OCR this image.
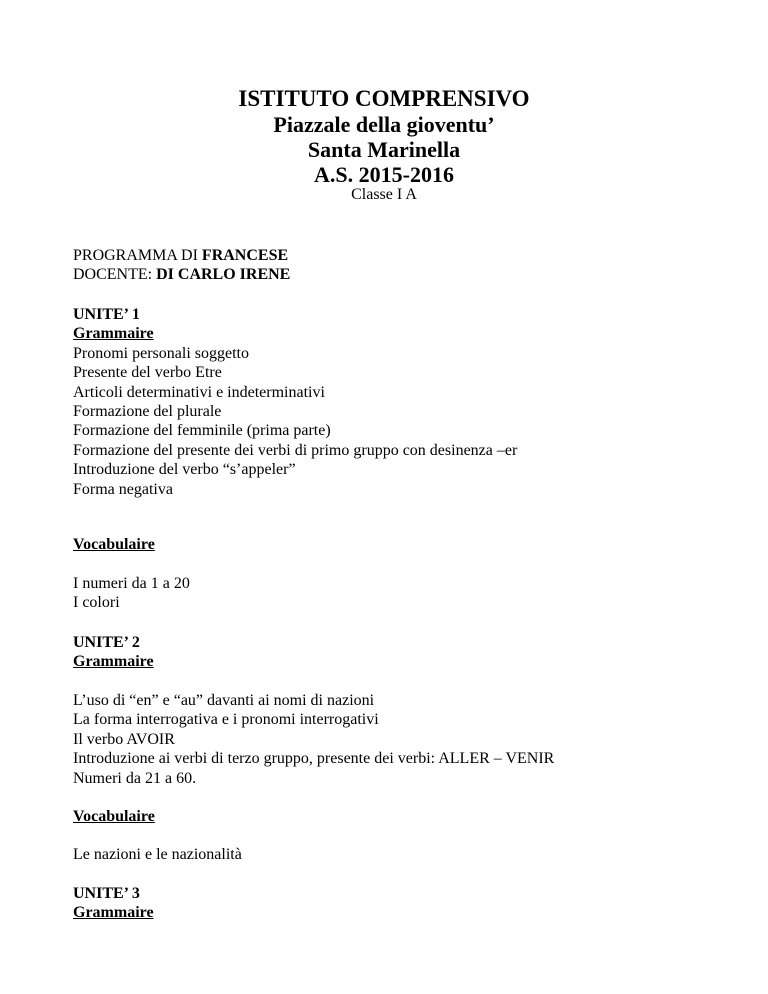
ISTITUTO COMPRENSIVO
Piazzale della gioventu’
Santa Marinella
A.S. 2015-2016
Classe I A
PROGRAMMA DI FRANCESE
DOCENTE: DI CARLO IRENE
UNITE’ 1
Grammaire
Pronomi personali soggetto
Presente del verbo Etre
Articoli determinativi e indeterminativi
Formazione del plurale
Formazione del femminile (prima parte)
Formazione del presente dei verbi di primo gruppo con desinenza –er
Introduzione del verbo “s’appeler”
Forma negativa
Vocabulaire
I numeri da 1 a 20
I colori
UNITE’ 2
Grammaire
L’uso di “en” e “au” davanti ai nomi di nazioni
La forma interrogativa e i pronomi interrogativi
Il verbo AVOIR
Introduzione ai verbi di terzo gruppo, presente dei verbi: ALLER – VENIR
Numeri da 21 a 60.
Vocabulaire
Le nazioni e le nazionalità
UNITE’ 3
Grammaire
